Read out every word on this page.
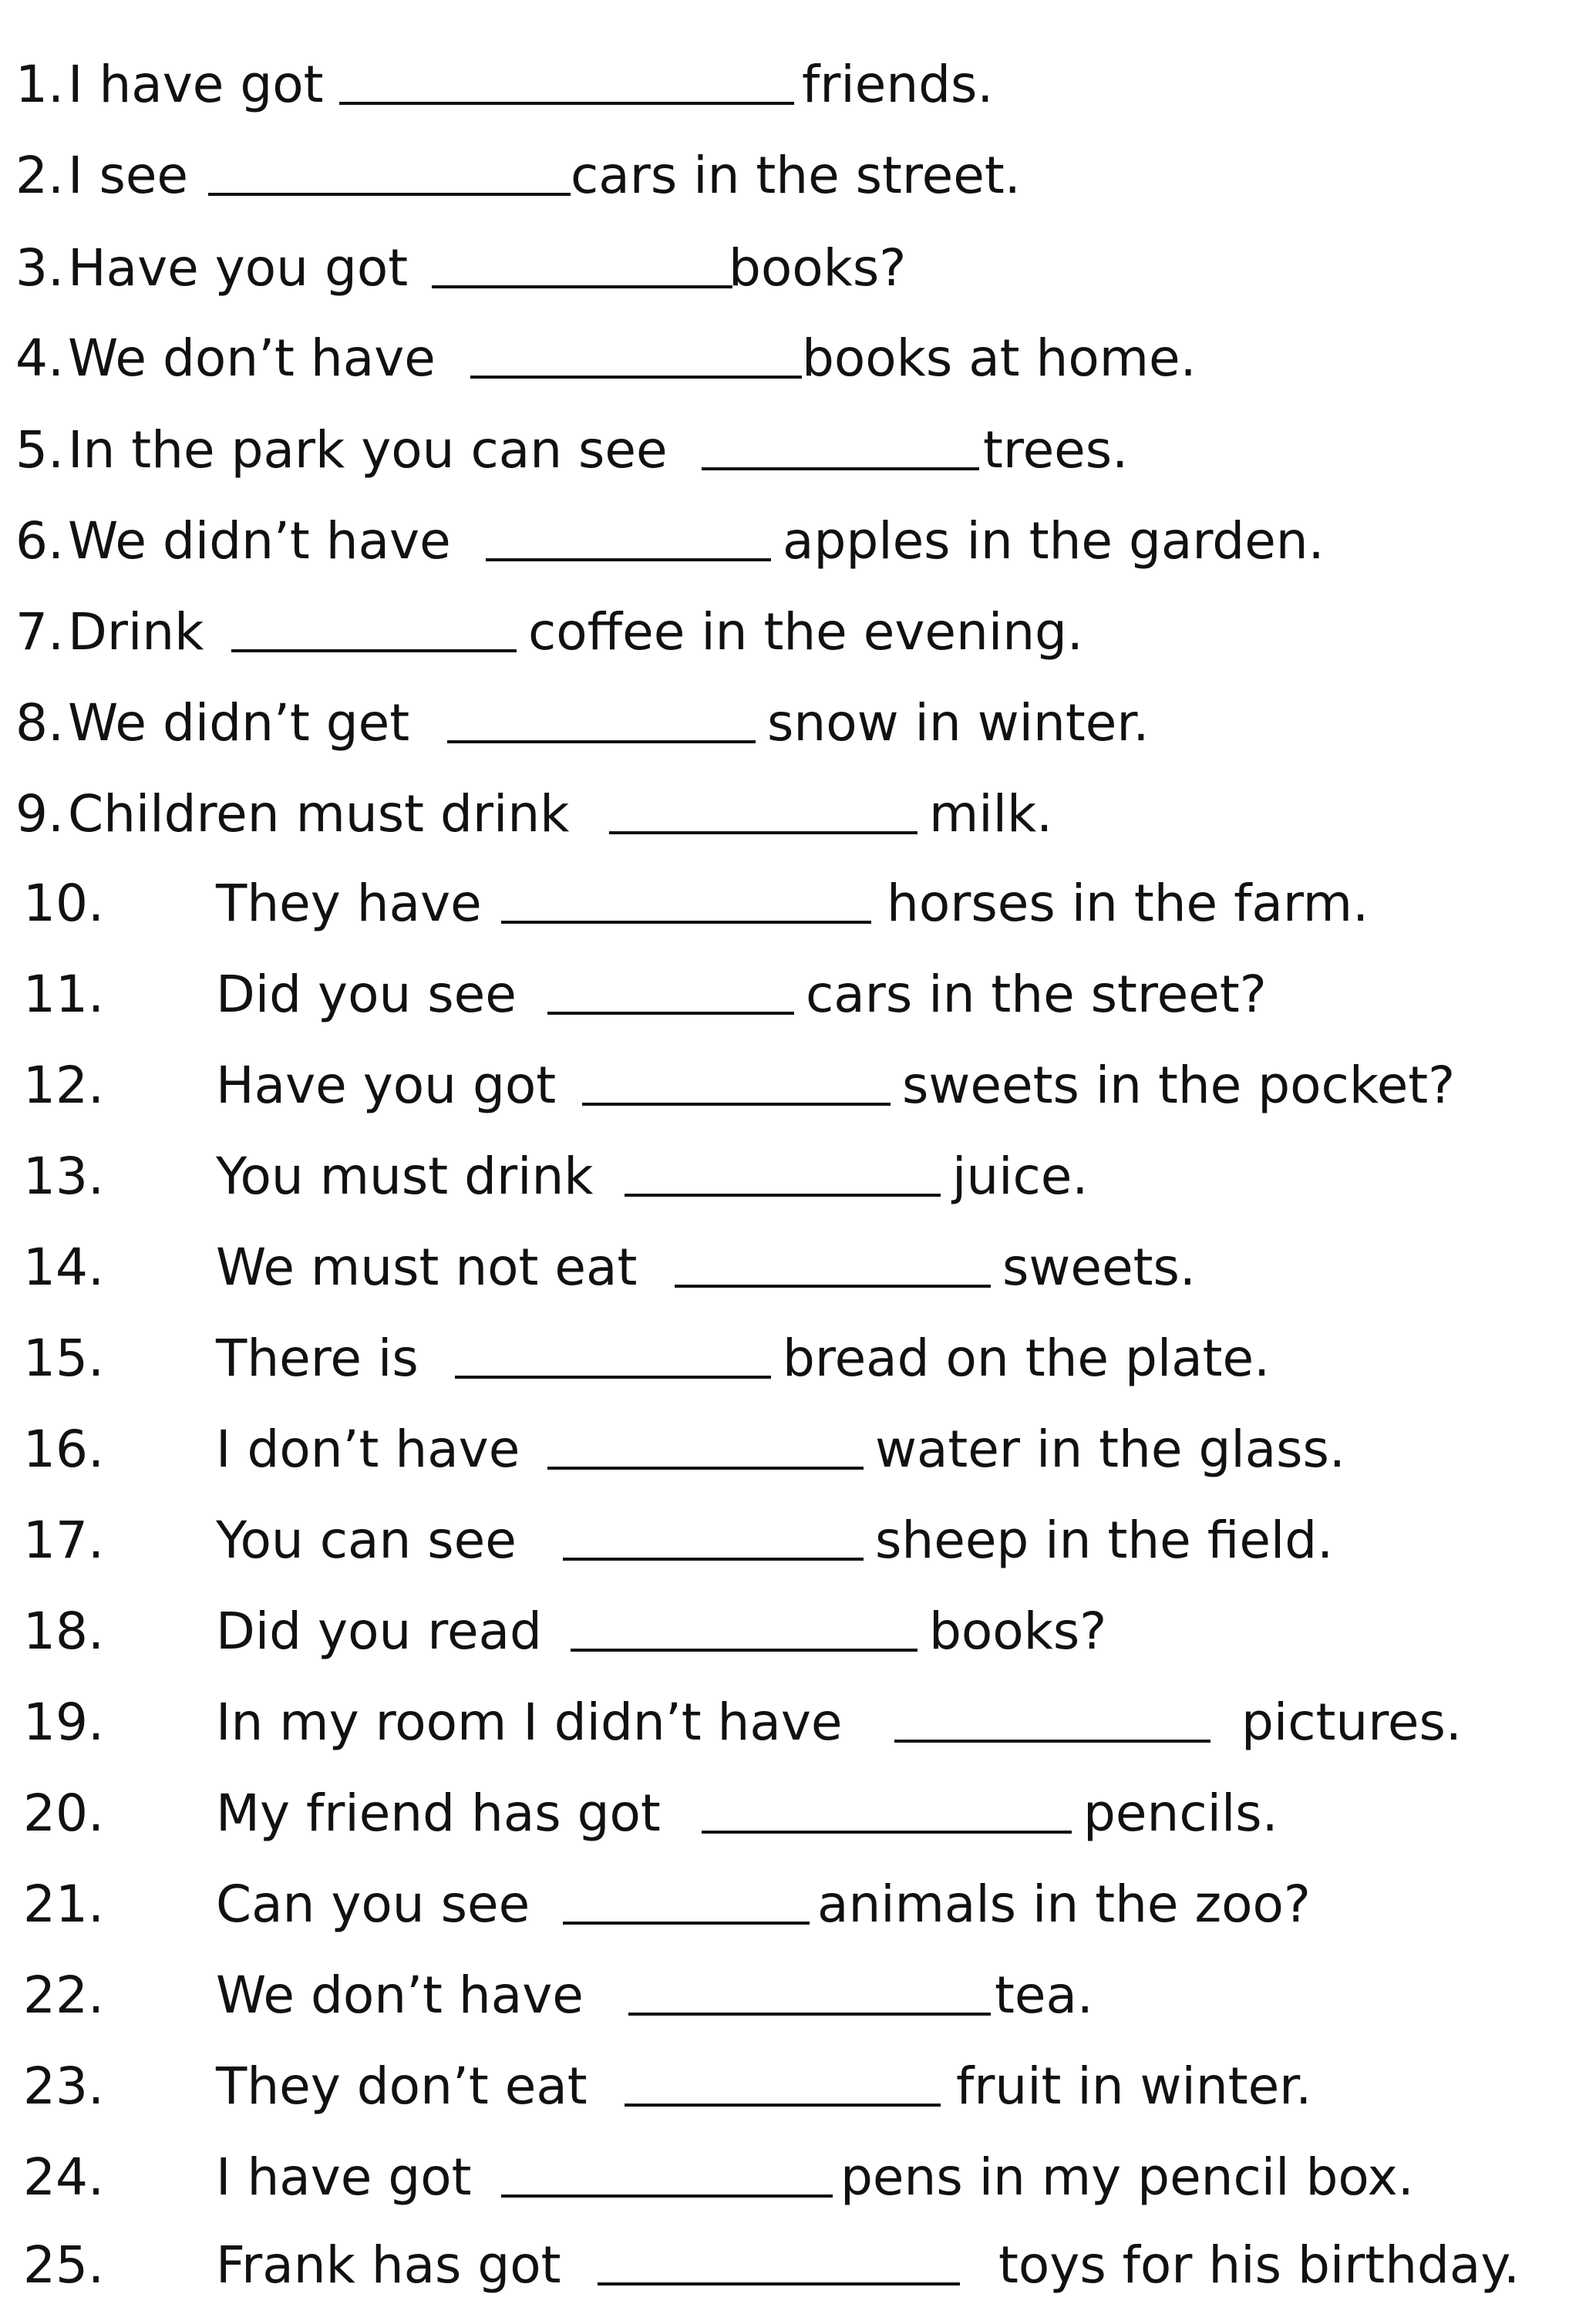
1. I have got	friends.
2. I see	cars in the street.
3. Have you got	books?
4. We don’t have	books at home.
5. In the park you can see	trees.
6. We didn’t have	apples in the garden.
7. Drink	coffee in the evening.
8. We didn’t get	snow in winter.
9. Children must drink	milk.
10. They have	horses in the farm.
11. Did you see	cars in the street?
12. Have you got	sweets in the pocket?
13. You must drink	juice.
14. We must not eat	sweets.
15. There is	bread on the plate.
16. I don’t have	water in the glass.
17. You can see	sheep in the field.
18. Did you read	books?
19. In my room I didn’t have	pictures.
20. My friend has got	pencils.
21. Can you see	animals in the zoo?
22. We don’t have	tea.
23. They don’t eat	fruit in winter.
24. I have got	pens in my pencil box.
25. Frank has got	toys for his birthday.
